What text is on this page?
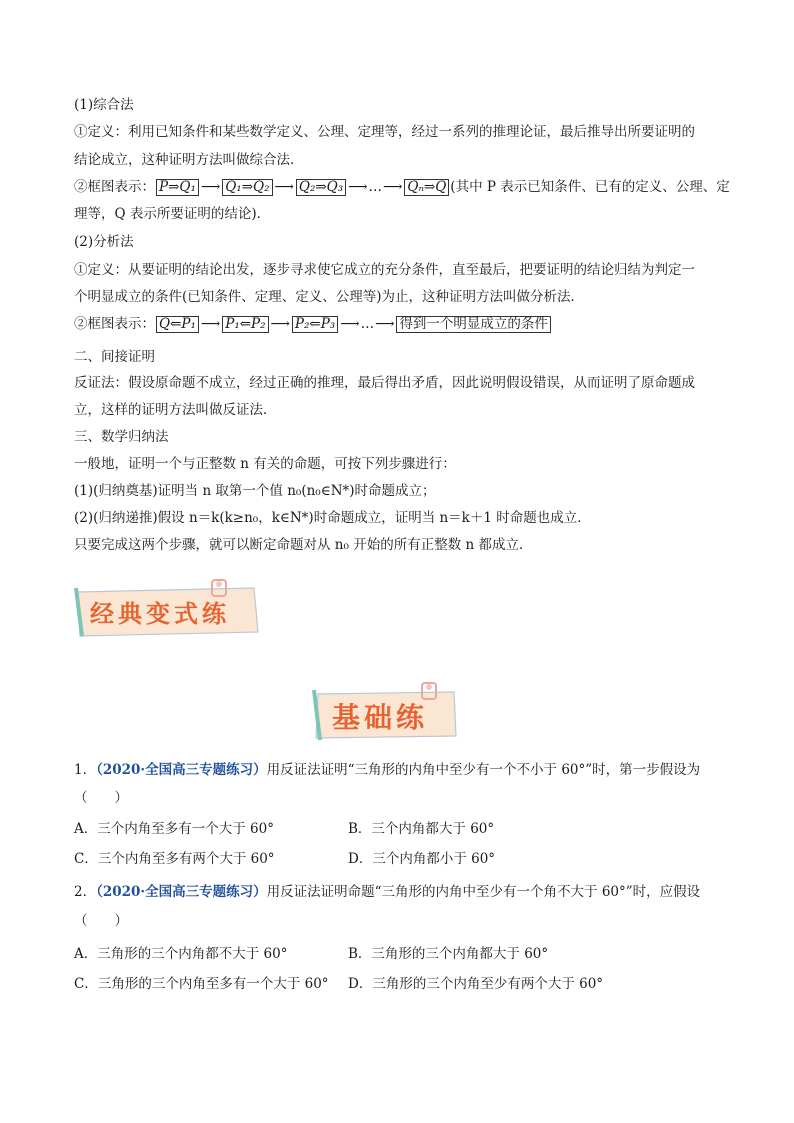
(1)综合法
①定义：利用已知条件和某些数学定义、公理、定理等，经过一系列的推理论证，最后推导出所要证明的
结论成立，这种证明方法叫做综合法．
②框图表示： P⇒Q₁ ⟶ Q₁⇒Q₂ ⟶ Q₂⇒Q₃ ⟶…⟶ Qₙ⇒Q (其中 P 表示已知条件、已有的定义、公理、定
理等，Q 表示所要证明的结论)．
(2)分析法
①定义：从要证明的结论出发，逐步寻求使它成立的充分条件，直至最后，把要证明的结论归结为判定一
个明显成立的条件(已知条件、定理、定义、公理等)为止，这种证明方法叫做分析法．
②框图表示： Q⇐P₁ ⟶ P₁⇐P₂ ⟶ P₂⇐P₃ ⟶…⟶ 得到一个明显成立的条件
二、间接证明
反证法：假设原命题不成立，经过正确的推理，最后得出矛盾，因此说明假设错误，从而证明了原命题成
立，这样的证明方法叫做反证法．
三、数学归纳法
一般地，证明一个与正整数 n 有关的命题，可按下列步骤进行：
(1)(归纳奠基)证明当 n 取第一个值 n₀(n₀∈N*)时命题成立；
(2)(归纳递推)假设 n＝k(k≥n₀，k∈N*)时命题成立，证明当 n＝k＋1 时命题也成立．
只要完成这两个步骤，就可以断定命题对从 n₀ 开始的所有正整数 n 都成立．
经典变式练
基础练
1．（2020·全国高三专题练习）用反证法证明“三角形的内角中至少有一个不小于 60°”时，第一步假设为
（　　）
A．三个内角至多有一个大于 60°	B．三个内角都大于 60°
C．三个内角至多有两个大于 60°	D．三个内角都小于 60°
2．（2020·全国高三专题练习）用反证法证明命题“三角形的内角中至少有一个角不大于 60°”时，应假设
（　　）
A．三角形的三个内角都不大于 60°	B．三角形的三个内角都大于 60°
C．三角形的三个内角至多有一个大于 60° D．三角形的三个内角至少有两个大于 60°
